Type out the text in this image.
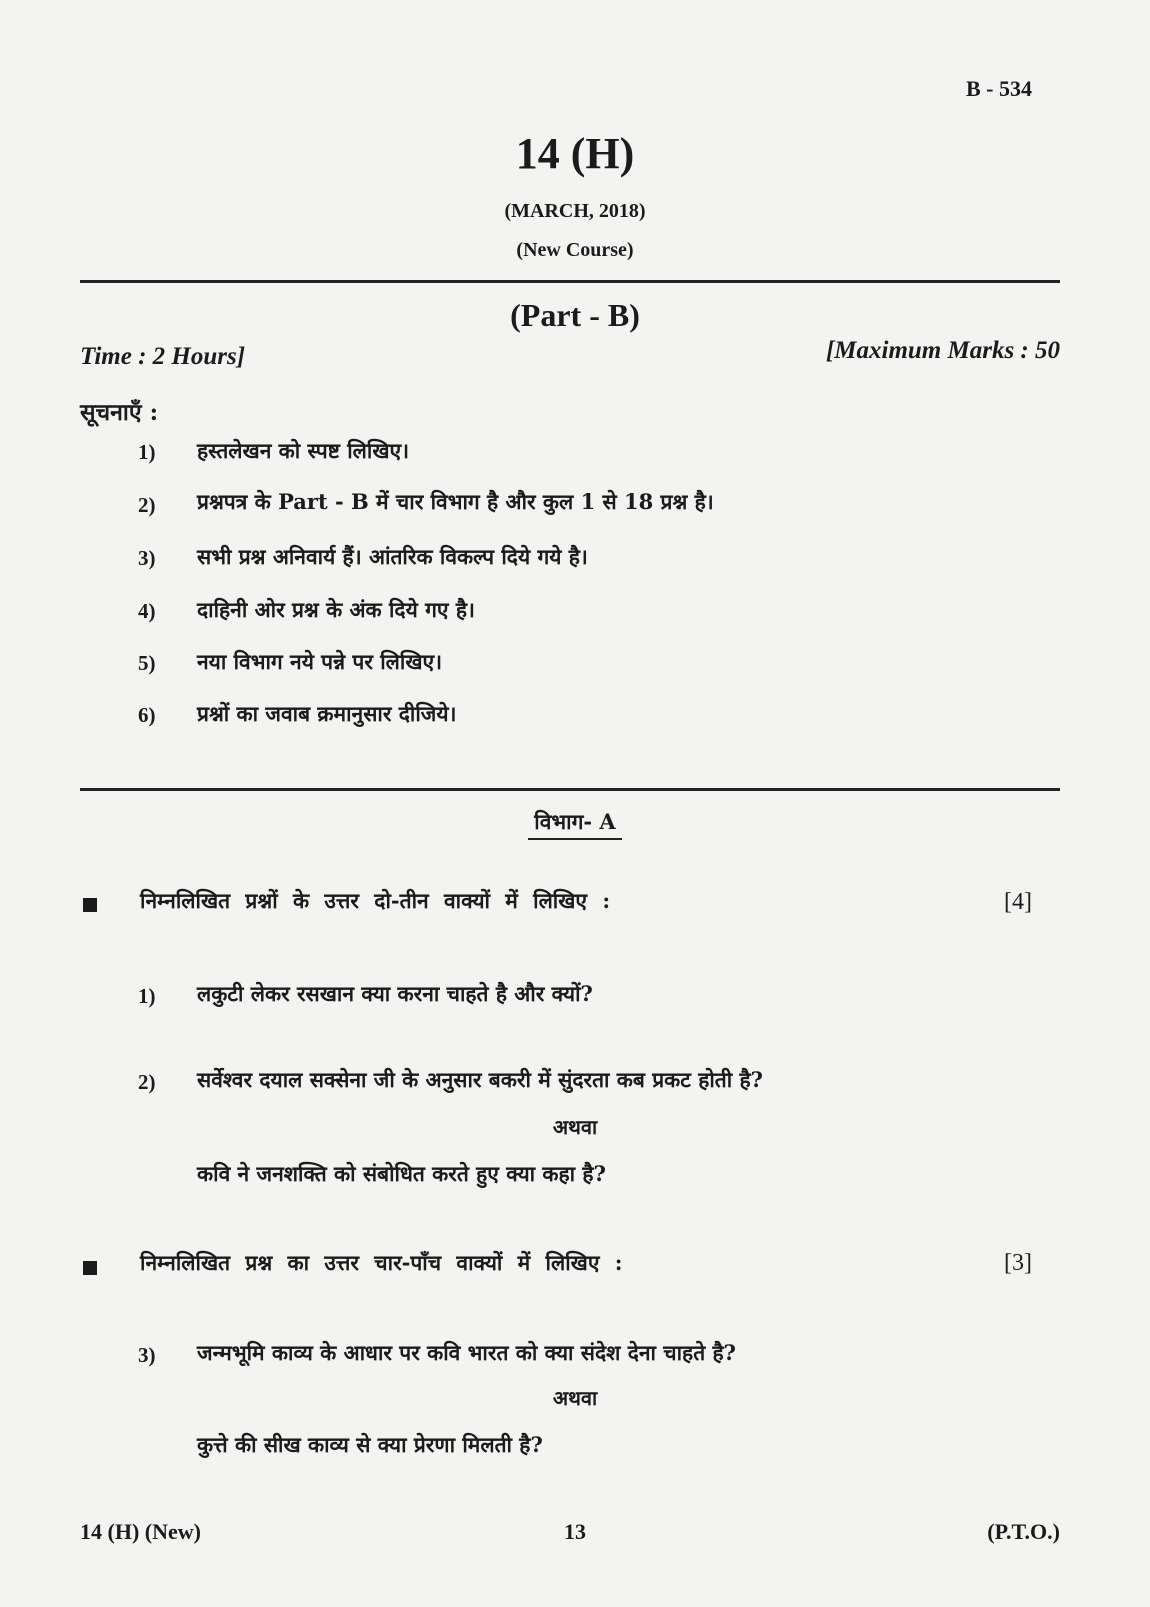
B - 534
14 (H)
(MARCH, 2018)
(New Course)
(Part - B)
Time : 2 Hours]	[Maximum Marks : 50
सूचनाएँ :
1) हस्तलेखन को स्पष्ट लिखिए।
2) प्रश्नपत्र के Part - B में चार विभाग है और कुल 1 से 18 प्रश्न है।
3) सभी प्रश्न अनिवार्य हैं। आंतरिक विकल्प दिये गये है।
4) दाहिनी ओर प्रश्न के अंक दिये गए है।
5) नया विभाग नये पन्ने पर लिखिए।
6) प्रश्नों का जवाब क्रमानुसार दीजिये।
विभाग- A
निम्नलिखित प्रश्नों के उत्तर दो-तीन वाक्यों में लिखिए :	[4]
1) लकुटी लेकर रसखान क्या करना चाहते है और क्यों?
2) सर्वेश्वर दयाल सक्सेना जी के अनुसार बकरी में सुंदरता कब प्रकट होती है?
अथवा
कवि ने जनशक्ति को संबोधित करते हुए क्या कहा है?
निम्नलिखित प्रश्न का उत्तर चार-पाँच वाक्यों में लिखिए :	[3]
3) जन्मभूमि काव्य के आधार पर कवि भारत को क्या संदेश देना चाहते है?
अथवा
कुत्ते की सीख काव्य से क्या प्रेरणा मिलती है?
14 (H) (New)	13	(P.T.O.)
